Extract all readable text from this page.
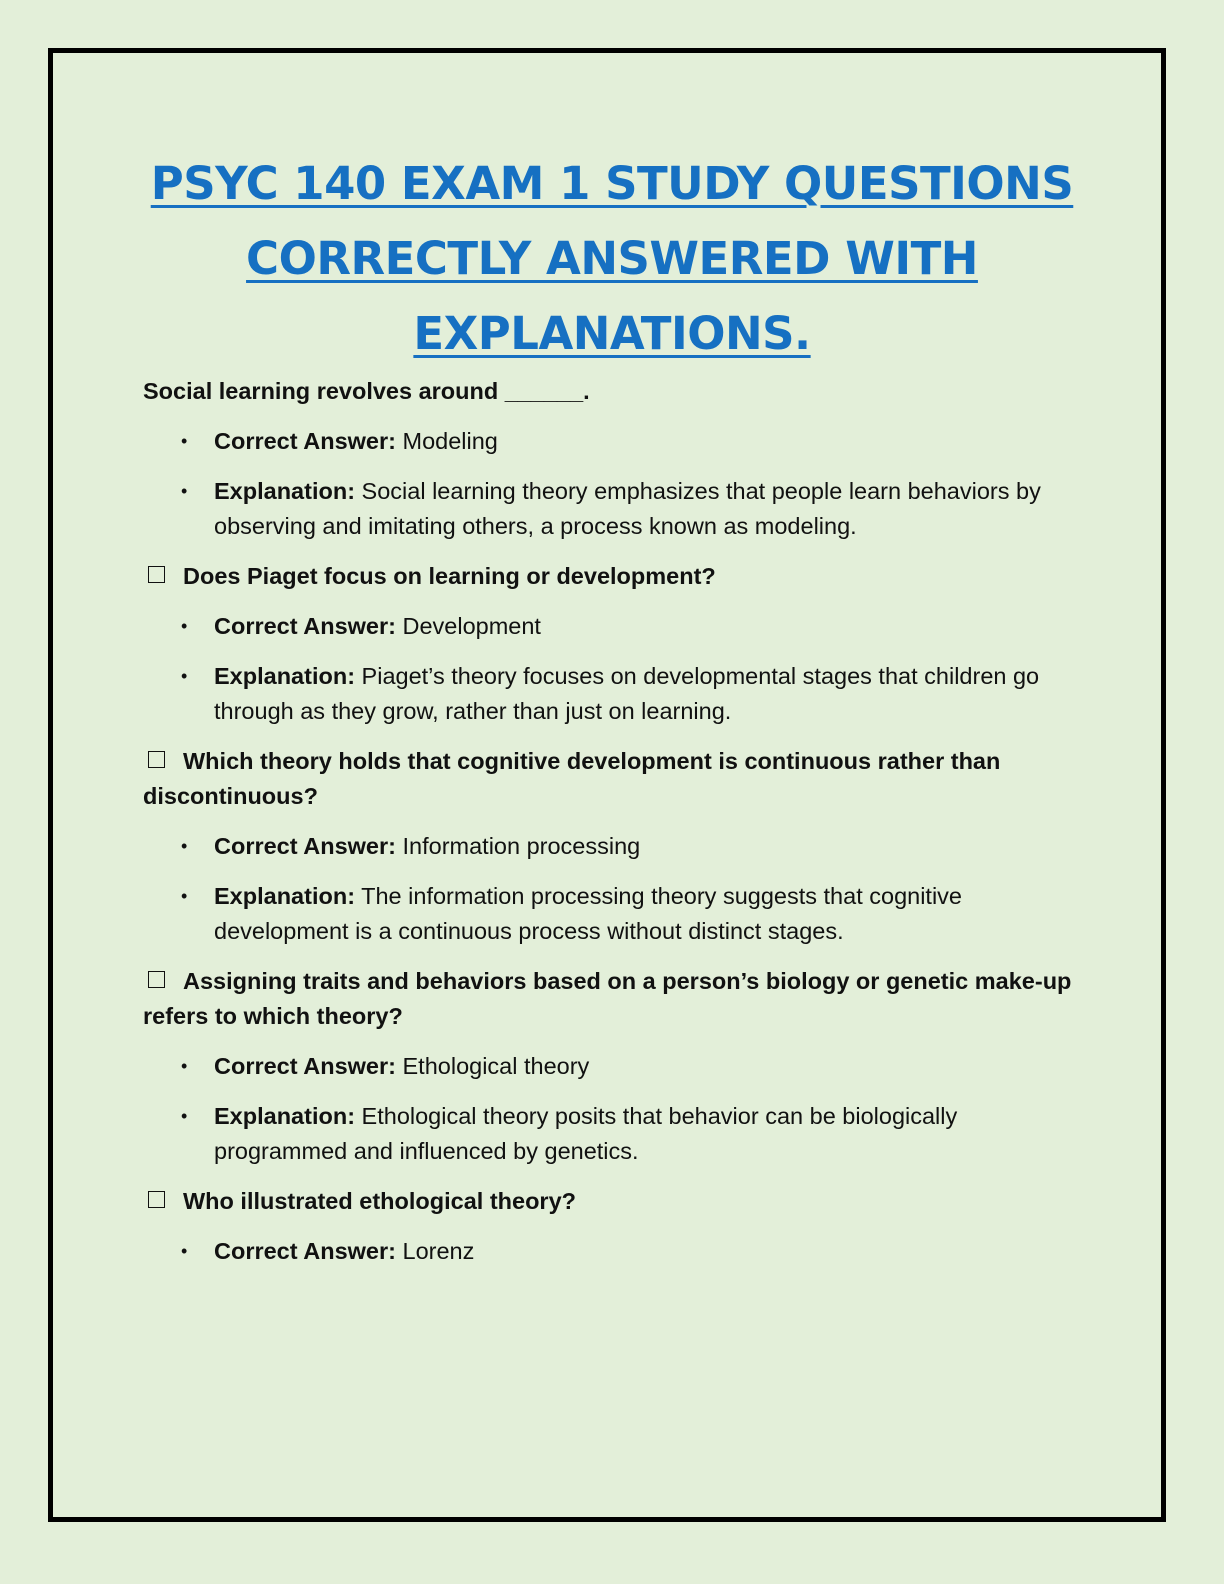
PSYC 140 EXAM 1 STUDY QUESTIONS
CORRECTLY ANSWERED WITH
EXPLANATIONS.

Social learning revolves around ______.

• Correct Answer: Modeling
• Explanation: Social learning theory emphasizes that people learn behaviors by observing and imitating others, a process known as modeling.

Does Piaget focus on learning or development?

• Correct Answer: Development
• Explanation: Piaget’s theory focuses on developmental stages that children go through as they grow, rather than just on learning.

Which theory holds that cognitive development is continuous rather than discontinuous?

• Correct Answer: Information processing
• Explanation: The information processing theory suggests that cognitive development is a continuous process without distinct stages.

Assigning traits and behaviors based on a person’s biology or genetic make-up refers to which theory?

• Correct Answer: Ethological theory
• Explanation: Ethological theory posits that behavior can be biologically programmed and influenced by genetics.

Who illustrated ethological theory?

• Correct Answer: Lorenz
